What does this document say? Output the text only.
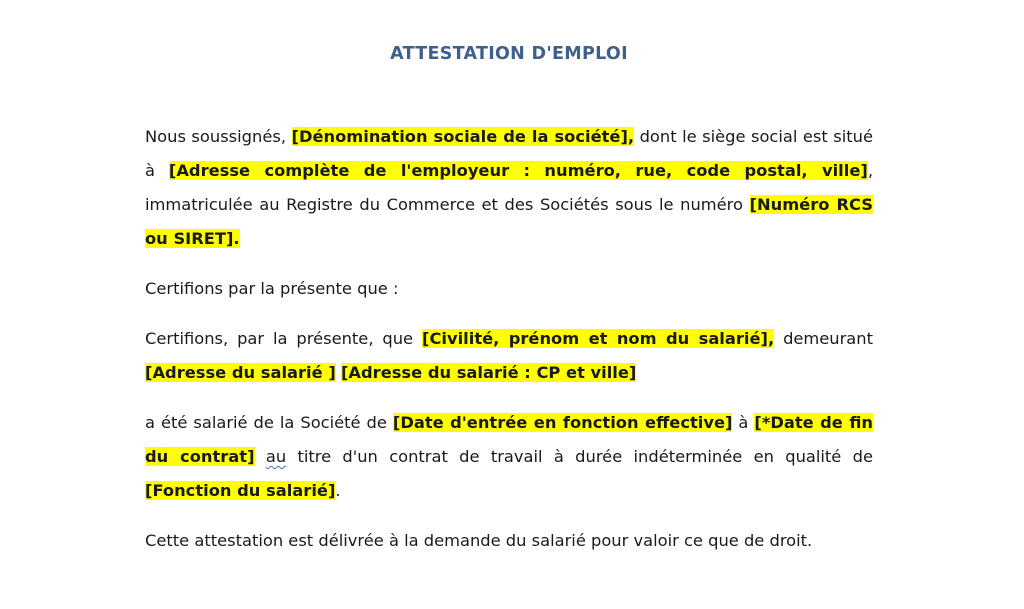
ATTESTATION D'EMPLOI

Nous soussignés, [Dénomination sociale de la société], dont le siège social est situé à [Adresse complète de l'employeur : numéro, rue, code postal, ville], immatriculée au Registre du Commerce et des Sociétés sous le numéro [Numéro RCS ou SIRET].

Certifions par la présente que :

Certifions, par la présente, que [Civilité, prénom et nom du salarié], demeurant [Adresse du salarié ] [Adresse du salarié : CP et ville]

a été salarié de la Société de [Date d'entrée en fonction effective] à [*Date de fin du contrat] au titre d'un contrat de travail à durée indéterminée en qualité de [Fonction du salarié].

Cette attestation est délivrée à la demande du salarié pour valoir ce que de droit.
